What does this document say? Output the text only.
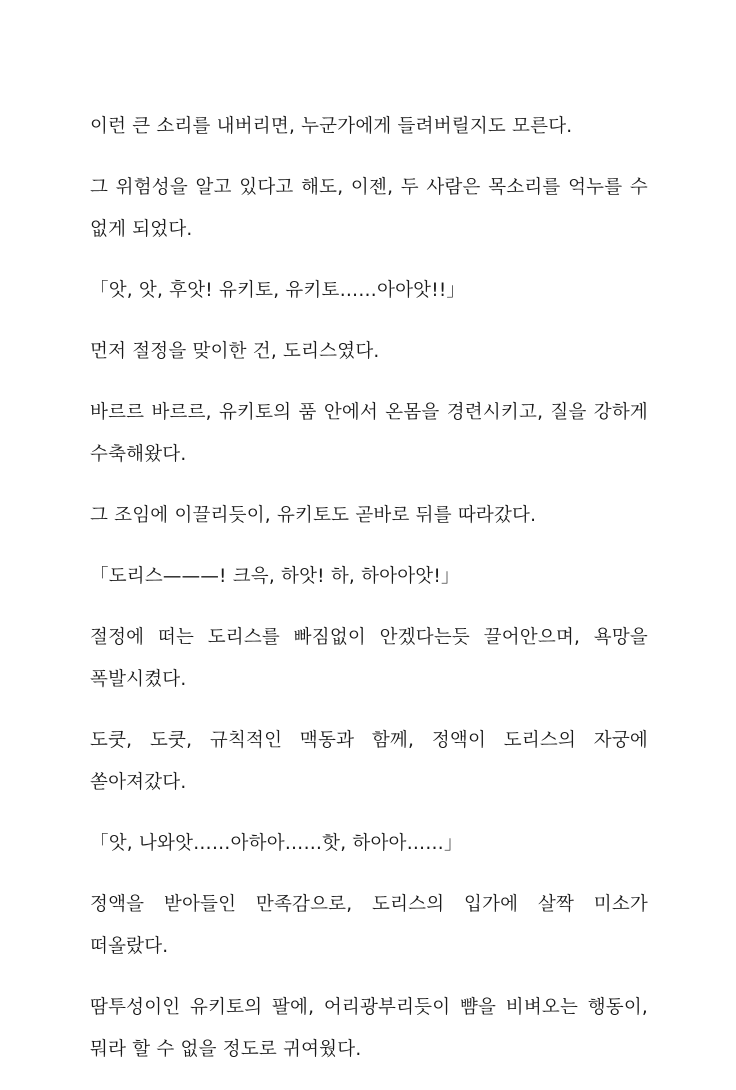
이런 큰 소리를 내버리면, 누군가에게 들려버릴지도 모른다.

그 위험성을 알고 있다고 해도, 이젠, 두 사람은 목소리를 억누를 수 없게 되었다.

「앗, 앗, 후앗! 유키토, 유키토……아아앗!!」

먼저 절정을 맞이한 건, 도리스였다.

바르르 바르르, 유키토의 품 안에서 온몸을 경련시키고, 질을 강하게 수축해왔다.

그 조임에 이끌리듯이, 유키토도 곧바로 뒤를 따라갔다.

「도리스———! 크윽, 하앗! 하, 하아아앗!」

절정에 떠는 도리스를 빠짐없이 안겠다는듯 끌어안으며, 욕망을 폭발시켰다.

도쿳, 도쿳, 규칙적인 맥동과 함께, 정액이 도리스의 자궁에 쏟아져갔다.

「앗, 나와앗……아하아……핫, 하아아……」

정액을 받아들인 만족감으로, 도리스의 입가에 살짝 미소가 떠올랐다.

땀투성이인 유키토의 팔에, 어리광부리듯이 뺨을 비벼오는 행동이, 뭐라 할 수 없을 정도로 귀여웠다.
